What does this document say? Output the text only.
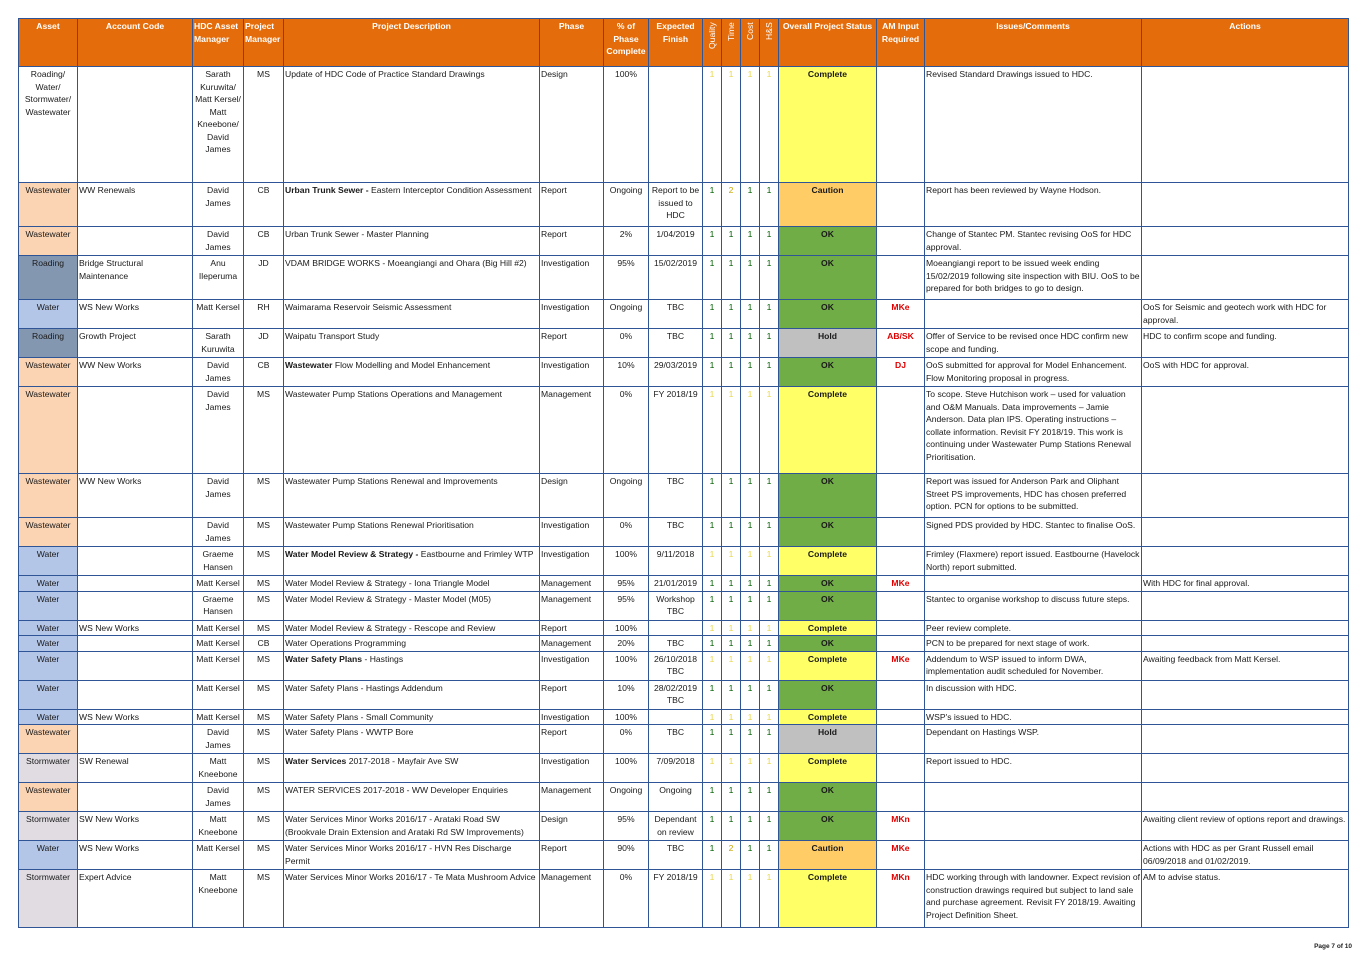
Asset	Account Code	HDC Asset Manager	Project Manager	Project Description	Phase	% of Phase Complete	Expected Finish	Quality	Time	Cost	H&S	Overall Project Status	AM Input Required	Issues/Comments	Actions
Roading/ Water/ Stormwater/ Wastewater		Sarath Kuruwita/ Matt Kersel/ Matt Kneebone/ David James	MS	Update of HDC Code of Practice Standard Drawings	Design	100%		1	1	1	1	Complete		Revised Standard Drawings issued to HDC.	
Wastewater	WW Renewals	David James	CB	Urban Trunk Sewer - Eastern Interceptor Condition Assessment	Report	Ongoing	Report to be issued to HDC	1	2	1	1	Caution		Report has been reviewed by Wayne Hodson.	
Wastewater		David James	CB	Urban Trunk Sewer - Master Planning	Report	2%	1/04/2019	1	1	1	1	OK		Change of Stantec PM. Stantec revising OoS for HDC approval.	
Roading	Bridge Structural Maintenance	Anu Ileperuma	JD	VDAM BRIDGE WORKS - Moeangiangi and Ohara (Big Hill #2)	Investigation	95%	15/02/2019	1	1	1	1	OK		Moeangiangi report to be issued week ending 15/02/2019 following site inspection with BIU. OoS to be prepared for both bridges to go to design.	
Water	WS New Works	Matt Kersel	RH	Waimarama Reservoir Seismic Assessment	Investigation	Ongoing	TBC	1	1	1	1	OK	MKe		OoS for Seismic and geotech work with HDC for approval.
Roading	Growth Project	Sarath Kuruwita	JD	Waipatu Transport Study	Report	0%	TBC	1	1	1	1	Hold	AB/SK	Offer of Service to be revised once HDC confirm new scope and funding.	HDC to confirm scope and funding.
Wastewater	WW New Works	David James	CB	Wastewater Flow Modelling and Model Enhancement	Investigation	10%	29/03/2019	1	1	1	1	OK	DJ	OoS submitted for approval for Model Enhancement. Flow Monitoring proposal in progress.	OoS with HDC for approval.
Wastewater		David James	MS	Wastewater Pump Stations Operations and Management	Management	0%	FY 2018/19	1	1	1	1	Complete		To scope. Steve Hutchison work – used for valuation and O&M Manuals. Data improvements – Jamie Anderson. Data plan IPS. Operating instructions – collate information. Revisit FY 2018/19. This work is continuing under Wastewater Pump Stations Renewal Prioritisation.	
Wastewater	WW New Works	David James	MS	Wastewater Pump Stations Renewal and Improvements	Design	Ongoing	TBC	1	1	1	1	OK		Report was issued for Anderson Park and Oliphant Street PS improvements, HDC has chosen preferred option. PCN for options to be submitted.	
Wastewater		David James	MS	Wastewater Pump Stations Renewal Prioritisation	Investigation	0%	TBC	1	1	1	1	OK		Signed PDS provided by HDC. Stantec to finalise OoS.	
Water		Graeme Hansen	MS	Water Model Review & Strategy - Eastbourne and Frimley WTP	Investigation	100%	9/11/2018	1	1	1	1	Complete		Frimley (Flaxmere) report issued. Eastbourne (Havelock North) report submitted.	
Water		Matt Kersel	MS	Water Model Review & Strategy - Iona Triangle Model	Management	95%	21/01/2019	1	1	1	1	OK	MKe		With HDC for final approval.
Water		Graeme Hansen	MS	Water Model Review & Strategy - Master Model (M05)	Management	95%	Workshop TBC	1	1	1	1	OK		Stantec to organise workshop to discuss future steps.	
Water	WS New Works	Matt Kersel	MS	Water Model Review & Strategy - Rescope and Review	Report	100%		1	1	1	1	Complete		Peer review complete.	
Water		Matt Kersel	CB	Water Operations Programming	Management	20%	TBC	1	1	1	1	OK		PCN to be prepared for next stage of work.	
Water		Matt Kersel	MS	Water Safety Plans - Hastings	Investigation	100%	26/10/2018 TBC	1	1	1	1	Complete	MKe	Addendum to WSP issued to inform DWA, implementation audit scheduled for November.	Awaiting feedback from Matt Kersel.
Water		Matt Kersel	MS	Water Safety Plans - Hastings Addendum	Report	10%	28/02/2019 TBC	1	1	1	1	OK		In discussion with HDC.	
Water	WS New Works	Matt Kersel	MS	Water Safety Plans - Small Community	Investigation	100%		1	1	1	1	Complete		WSP's issued to HDC.	
Wastewater		David James	MS	Water Safety Plans - WWTP Bore	Report	0%	TBC	1	1	1	1	Hold		Dependant on Hastings WSP.	
Stormwater	SW Renewal	Matt Kneebone	MS	Water Services 2017-2018 - Mayfair Ave SW	Investigation	100%	7/09/2018	1	1	1	1	Complete		Report issued to HDC.	
Wastewater		David James	MS	WATER SERVICES 2017-2018 - WW Developer Enquiries	Management	Ongoing	Ongoing	1	1	1	1	OK			
Stormwater	SW New Works	Matt Kneebone	MS	Water Services Minor Works 2016/17 - Arataki Road SW (Brookvale Drain Extension and Arataki Rd SW Improvements)	Design	95%	Dependant on review	1	1	1	1	OK	MKn		Awaiting client review of options report and drawings.
Water	WS New Works	Matt Kersel	MS	Water Services Minor Works 2016/17 - HVN Res Discharge Permit	Report	90%	TBC	1	2	1	1	Caution	MKe		Actions with HDC as per Grant Russell email 06/09/2018 and 01/02/2019.
Stormwater	Expert Advice	Matt Kneebone	MS	Water Services Minor Works 2016/17 - Te Mata Mushroom Advice	Management	0%	FY 2018/19	1	1	1	1	Complete	MKn	HDC working through with landowner. Expect revision of construction drawings required but subject to land sale and purchase agreement. Revisit FY 2018/19. Awaiting Project Definition Sheet.	AM to advise status.
Page 7 of 10
